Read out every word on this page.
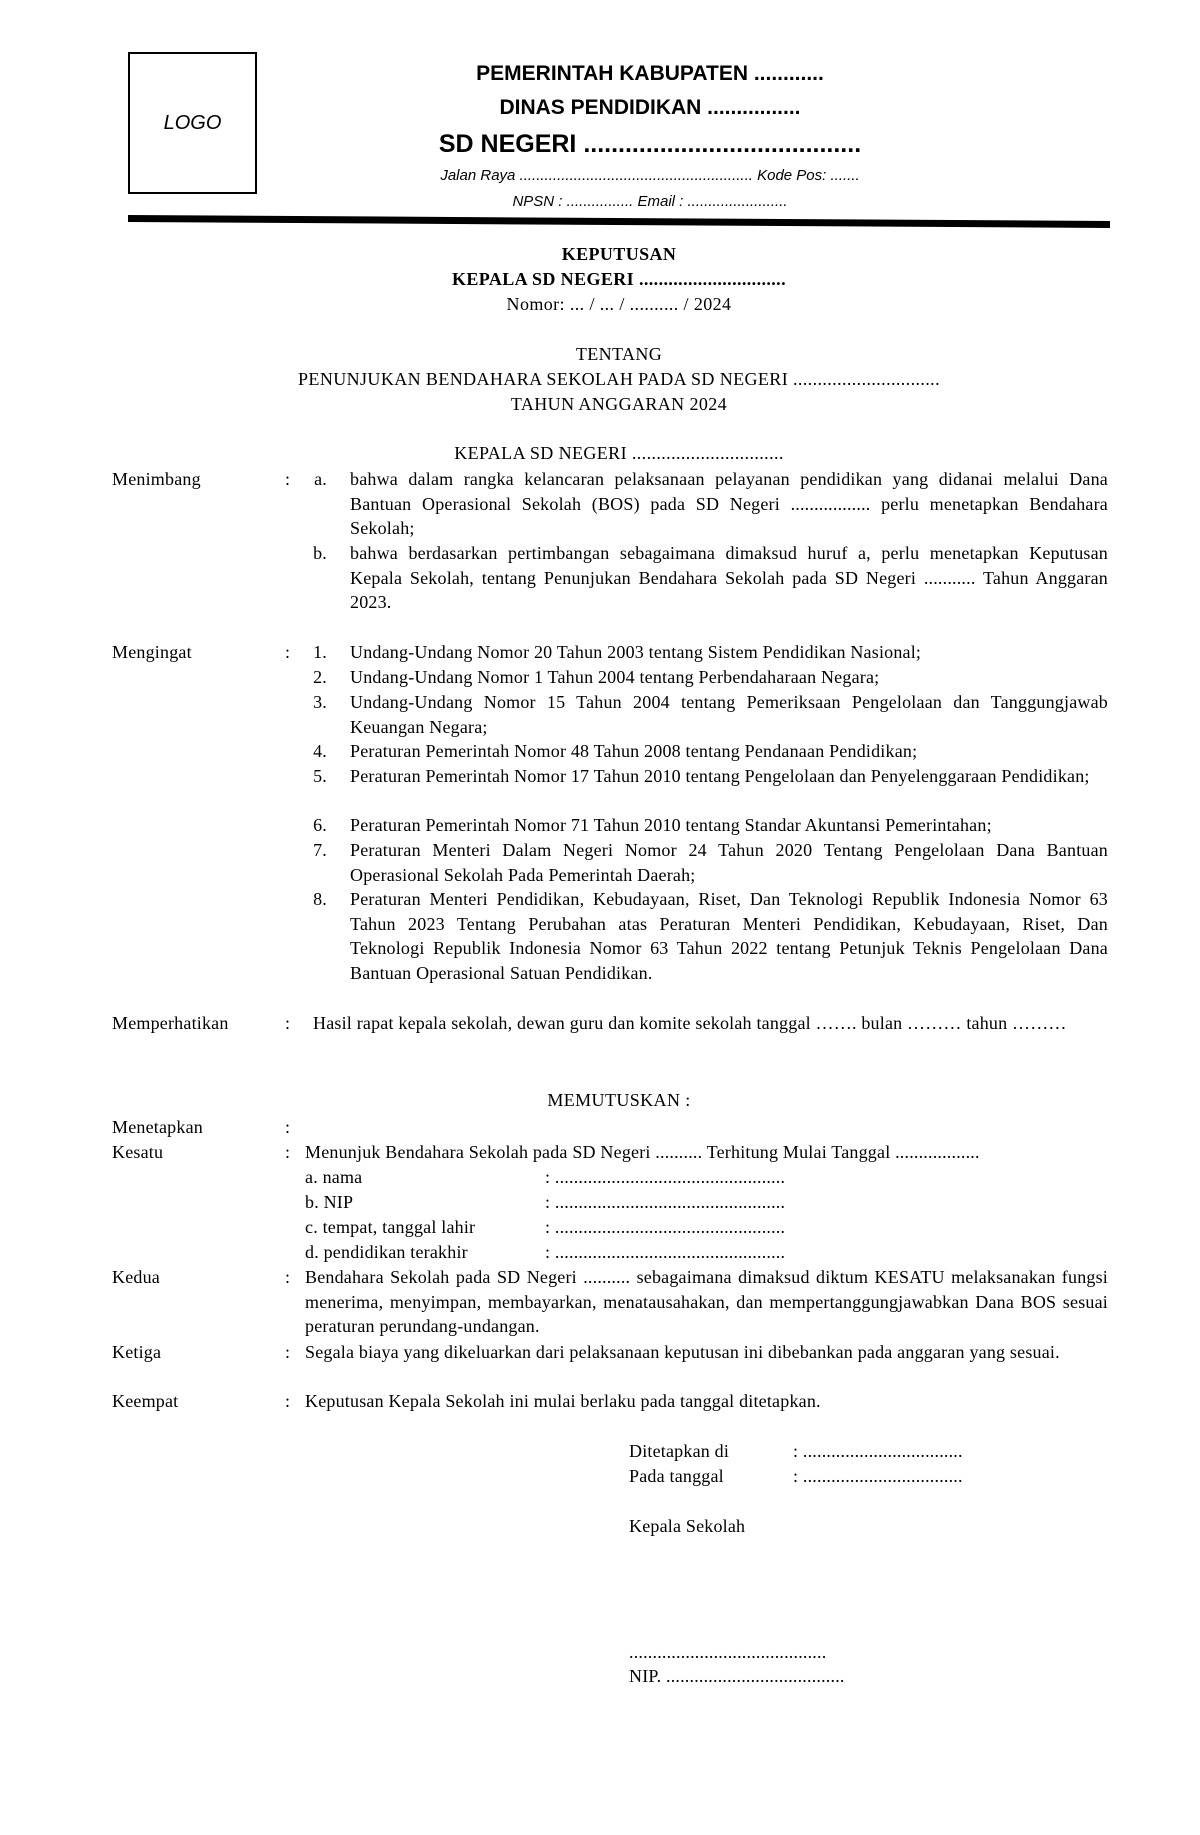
LOGO
PEMERINTAH KABUPATEN ............
DINAS PENDIDIKAN ................
SD NEGERI ........................................
Jalan Raya ........................................................ Kode Pos: .......
NPSN : ................ Email : ........................
KEPUTUSAN
KEPALA SD NEGERI ..............................
Nomor: ... / ... / .......... / 2024
TENTANG
PENUNJUKAN BENDAHARA SEKOLAH PADA SD NEGERI ..............................
TAHUN ANGGARAN 2024
KEPALA SD NEGERI ...............................
Menimbang	:	a. bahwa dalam rangka kelancaran pelaksanaan pelayanan pendidikan yang didanai melalui Dana Bantuan Operasional Sekolah (BOS) pada SD Negeri ................. perlu menetapkan Bendahara Sekolah;
b. bahwa berdasarkan pertimbangan sebagaimana dimaksud huruf a, perlu menetapkan Keputusan Kepala Sekolah, tentang Penunjukan Bendahara Sekolah pada SD Negeri ........... Tahun Anggaran 2023.
Mengingat	:	1. Undang-Undang Nomor 20 Tahun 2003 tentang Sistem Pendidikan Nasional;
2. Undang-Undang Nomor 1 Tahun 2004 tentang Perbendaharaan Negara;
3. Undang-Undang Nomor 15 Tahun 2004 tentang Pemeriksaan Pengelolaan dan Tanggungjawab Keuangan Negara;
4. Peraturan Pemerintah Nomor 48 Tahun 2008 tentang Pendanaan Pendidikan;
5. Peraturan Pemerintah Nomor 17 Tahun 2010 tentang Pengelolaan dan Penyelenggaraan Pendidikan;
6. Peraturan Pemerintah Nomor 71 Tahun 2010 tentang Standar Akuntansi Pemerintahan;
7. Peraturan Menteri Dalam Negeri Nomor 24 Tahun 2020 Tentang Pengelolaan Dana Bantuan Operasional Sekolah Pada Pemerintah Daerah;
8. Peraturan Menteri Pendidikan, Kebudayaan, Riset, Dan Teknologi Republik Indonesia Nomor 63 Tahun 2023 Tentang Perubahan atas Peraturan Menteri Pendidikan, Kebudayaan, Riset, Dan Teknologi Republik Indonesia Nomor 63 Tahun 2022 tentang Petunjuk Teknis Pengelolaan Dana Bantuan Operasional Satuan Pendidikan.
Memperhatikan	: Hasil rapat kepala sekolah, dewan guru dan komite sekolah tanggal ……. bulan ……… tahun ………
MEMUTUSKAN :
Menetapkan	:
Kesatu	: Menunjuk Bendahara Sekolah pada SD Negeri .......... Terhitung Mulai Tanggal ..................
a. nama	: .................................................
b. NIP	: .................................................
c. tempat, tanggal lahir	: .................................................
d. pendidikan terakhir	: .................................................
Kedua	: Bendahara Sekolah pada SD Negeri .......... sebagaimana dimaksud diktum KESATU melaksanakan fungsi menerima, menyimpan, membayarkan, menatausahakan, dan mempertanggungjawabkan Dana BOS sesuai peraturan perundang-undangan.
Ketiga	: Segala biaya yang dikeluarkan dari pelaksanaan keputusan ini dibebankan pada anggaran yang sesuai.
Keempat	: Keputusan Kepala Sekolah ini mulai berlaku pada tanggal ditetapkan.
Ditetapkan di	: ..................................
Pada tanggal	: ..................................
Kepala Sekolah
..........................................
NIP. ......................................
